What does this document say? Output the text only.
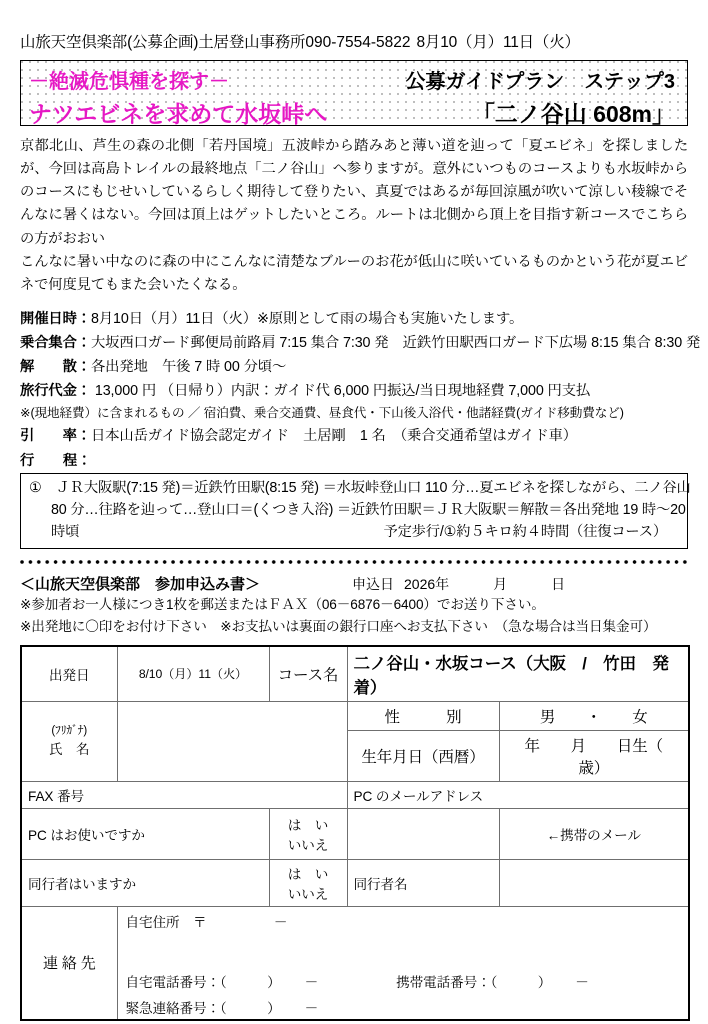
山旅天空倶楽部(公募企画)土居登山事務所090-7554-5822 8月10（月）11日（火）
－絶滅危惧種を探す－	公募ガイドプラン　ステップ3
ナツエビネを求めて水坂峠へ	「二ノ谷山 608m」

京都北山、芦生の森の北側「若丹国境」五波峠から踏みあと薄い道を辿って「夏エビネ」を探しましたが、今回は高島トレイルの最終地点「二ノ谷山」へ参りますが。意外にいつものコースよりも水坂峠からのコースにもじせいしているらしく期待して登りたい、真夏ではあるが毎回涼風が吹いて涼しい稜線でそんなに暑くはない。今回は頂上はゲットしたいところ。ルートは北側から頂上を目指す新コースでこちらの方がおおい

こんなに暑い中なのに森の中にこんなに清楚なブルーのお花が低山に咲いているものかという花が夏エビネで何度見てもまた会いたくなる。

開催日時：8月10日（月）11日（火）※原則として雨の場合も実施いたします。
乗合集合：大坂西口ガード郵便局前路肩 7:15 集合 7:30 発　近鉄竹田駅西口ガード下広場 8:15 集合 8:30 発
解　　散：各出発地　午後 7 時 00 分頃～
旅行代金： 13,000 円 （日帰り）内訳：ガイド代 6,000 円振込/当日現地経費 7,000 円支払
※(現地経費）に含まれるもの ／ 宿泊費、乗合交通費、昼食代・下山後入浴代・他諸経費(ガイド移動費など)
引　　率：日本山岳ガイド協会認定ガイド　土居剛　1 名　（乗合交通希望はガイド車）
行　　程：
①　ＪＲ大阪駅(7:15 発)＝近鉄竹田駅(8:15 発) ＝水坂峠登山口 110 分…夏エビネを探しながら、二ノ谷山
80 分…往路を辿って…登山口＝(くつき入浴) ＝近鉄竹田駅＝ＪＲ大阪駅＝解散＝各出発地 19 時～20
時頃	予定歩行/①約５キロ約４時間（往復コース）
＜山旅天空倶楽部　参加申込み書＞	申込日 2026年	月	日
※参加者お一人様につき1枚を郵送またはＦＡＸ（06－6876－6400）でお送り下さい。
※出発地に〇印をお付け下さい　※お支払いは裏面の銀行口座へお支払下さい　（急な場合は当日集金可）
出発日	8/10（月）11（火）	コース名	二ノ谷山・水坂コース（大阪　/　竹田　発着）	

(ﾌﾘｶﾞﾅ)
氏　名			性　　　別	男　　・　　女
			生年月日（西暦）	年　　月　　日生（　　歳）
FAX 番号			PC のメールアドレス	
PC はお使いですか		は　い　いいえ		←携帯のメール
同行者はいますか		は　い　いいえ	同行者名	
連 絡 先	
自宅住所　〒　　　　　－
自宅電話番号：（　　　） －	携帯電話番号：（　　　） －
緊急連絡番号：（　　　） －
